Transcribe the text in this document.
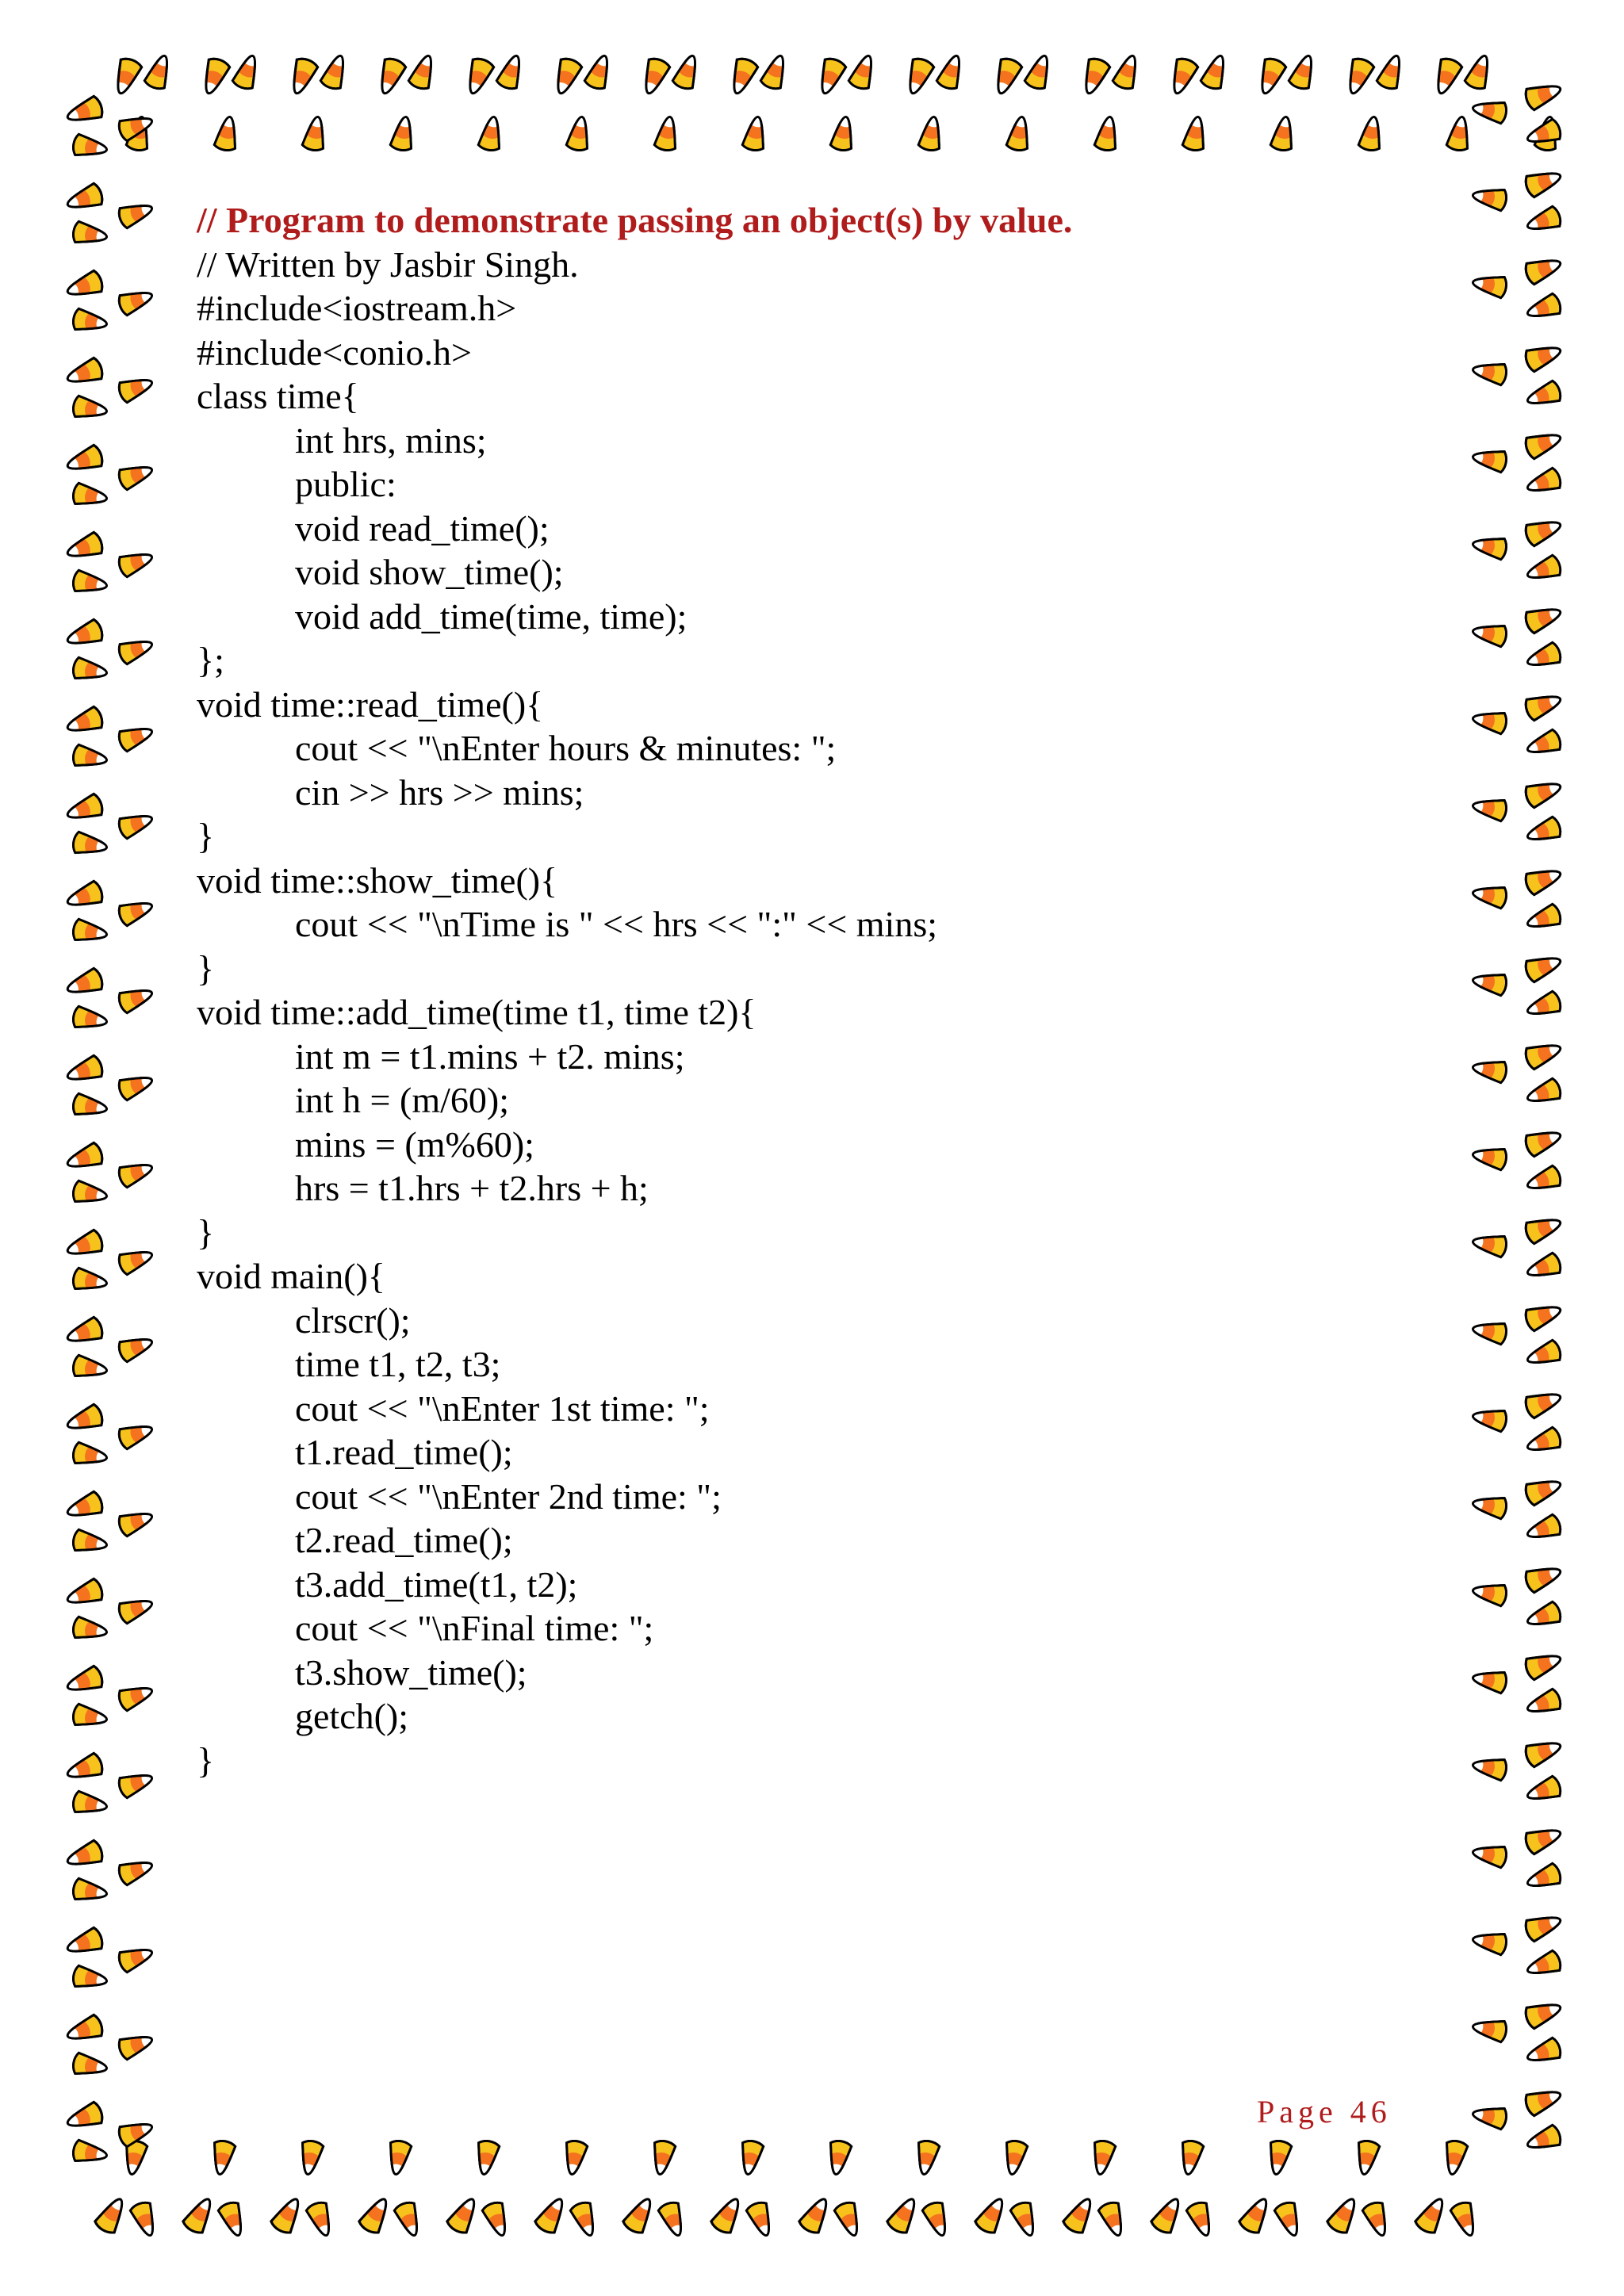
// Program to demonstrate passing an object(s) by value.
// Written by Jasbir Singh.
#include<iostream.h>
#include<conio.h>
class time{
int hrs, mins;
public:
void read_time();
void show_time();
void add_time(time, time);
};
void time::read_time(){
cout << "\nEnter hours & minutes: ";
cin >> hrs >> mins;
}
void time::show_time(){
cout << "\nTime is " << hrs << ":" << mins;
}
void time::add_time(time t1, time t2){
int m = t1.mins + t2. mins;
int h = (m/60);
mins = (m%60);
hrs = t1.hrs + t2.hrs + h;
}
void main(){
clrscr();
time t1, t2, t3;
cout << "\nEnter 1st time: ";
t1.read_time();
cout << "\nEnter 2nd time: ";
t2.read_time();
t3.add_time(t1, t2);
cout << "\nFinal time: ";
t3.show_time();
getch();
}
Page 46
